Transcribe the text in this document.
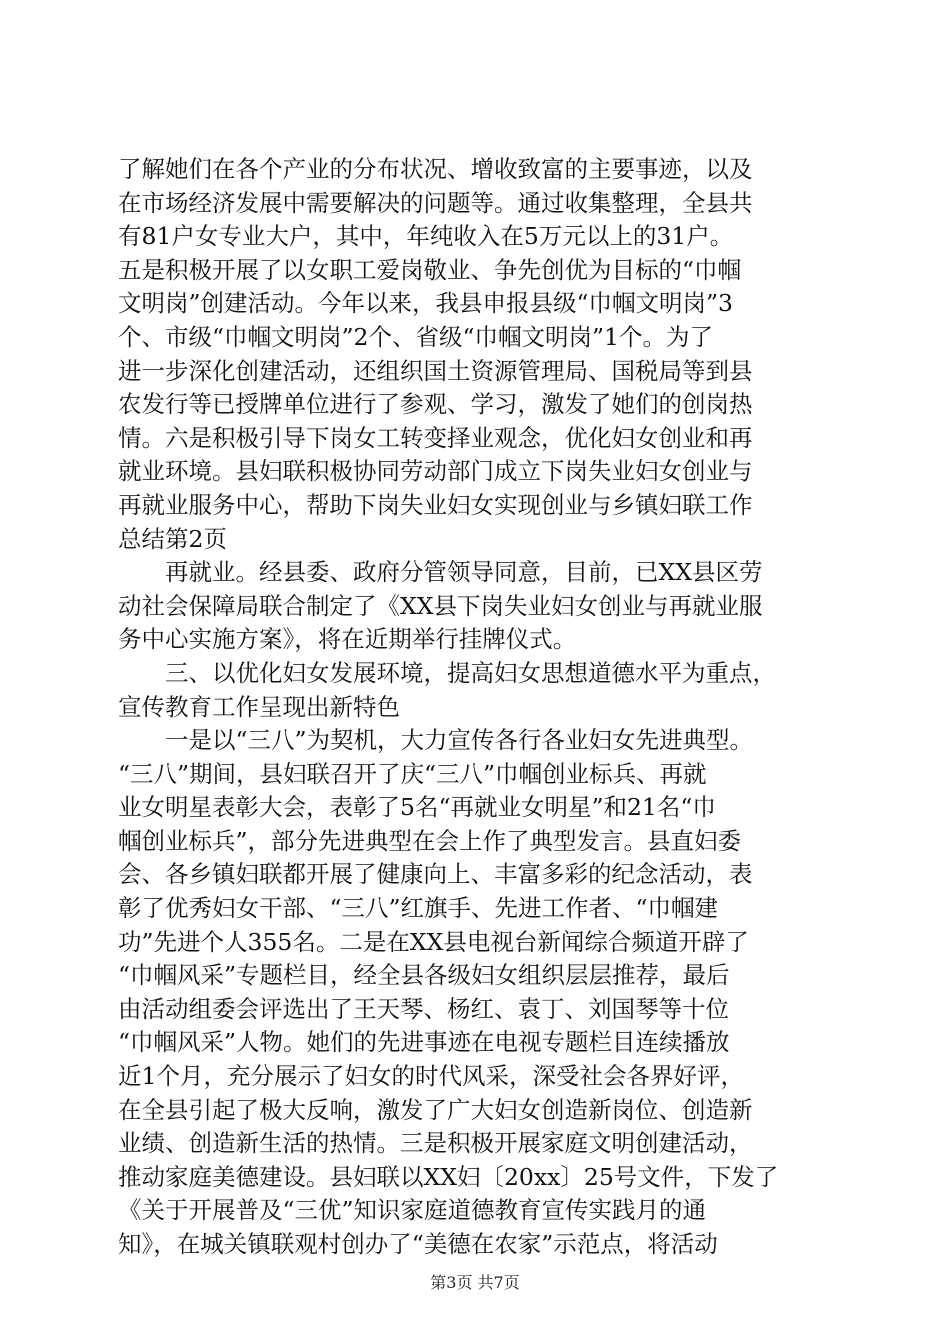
了解她们在各个产业的分布状况、增收致富的主要事迹，以及
在市场经济发展中需要解决的问题等。通过收集整理，全县共
有81户女专业大户，其中，年纯收入在5万元以上的31户。
五是积极开展了以女职工爱岗敬业、争先创优为目标的“巾帼
文明岗”创建活动。今年以来，我县申报县级“巾帼文明岗”3
个、市级“巾帼文明岗”2个、省级“巾帼文明岗”1个。为了
进一步深化创建活动，还组织国土资源管理局、国税局等到县
农发行等已授牌单位进行了参观、学习，激发了她们的创岗热
情。六是积极引导下岗女工转变择业观念，优化妇女创业和再
就业环境。县妇联积极协同劳动部门成立下岗失业妇女创业与
再就业服务中心，帮助下岗失业妇女实现创业与乡镇妇联工作
总结第2页
再就业。经县委、政府分管领导同意，目前，已XX县区劳
动社会保障局联合制定了《XX县下岗失业妇女创业与再就业服
务中心实施方案》，将在近期举行挂牌仪式。
三、以优化妇女发展环境，提高妇女思想道德水平为重点，
宣传教育工作呈现出新特色
一是以“三八”为契机，大力宣传各行各业妇女先进典型。
“三八”期间，县妇联召开了庆“三八”巾帼创业标兵、再就
业女明星表彰大会，表彰了5名“再就业女明星”和21名“巾
帼创业标兵”，部分先进典型在会上作了典型发言。县直妇委
会、各乡镇妇联都开展了健康向上、丰富多彩的纪念活动，表
彰了优秀妇女干部、“三八”红旗手、先进工作者、“巾帼建
功”先进个人355名。二是在XX县电视台新闻综合频道开辟了
“巾帼风采”专题栏目，经全县各级妇女组织层层推荐，最后
由活动组委会评选出了王天琴、杨红、袁丁、刘国琴等十位
“巾帼风采”人物。她们的先进事迹在电视专题栏目连续播放
近1个月，充分展示了妇女的时代风采，深受社会各界好评，
在全县引起了极大反响，激发了广大妇女创造新岗位、创造新
业绩、创造新生活的热情。三是积极开展家庭文明创建活动，
推动家庭美德建设。县妇联以XX妇〔20xx〕25号文件，下发了
《关于开展普及“三优”知识家庭道德教育宣传实践月的通
知》，在城关镇联观村创办了“美德在农家”示范点，将活动
第3页 共7页
